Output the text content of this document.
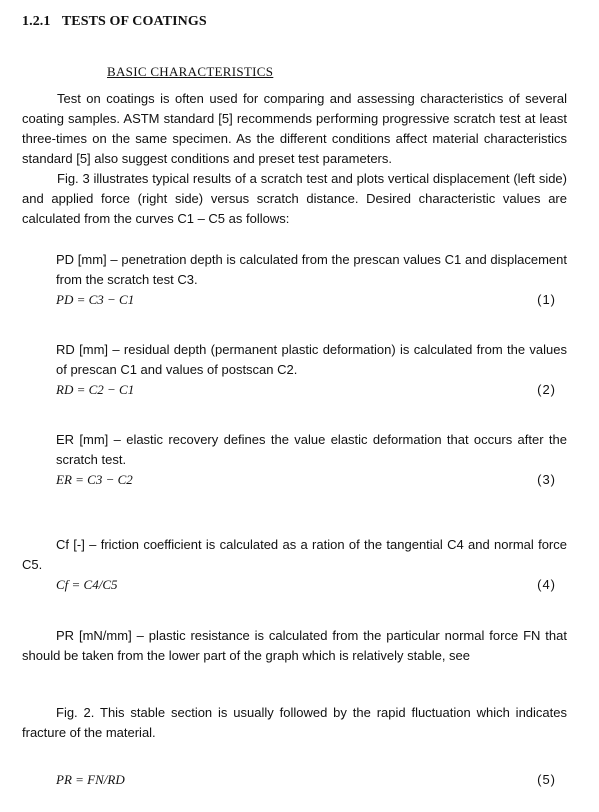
1.2.1 TESTS OF COATINGS
BASIC CHARACTERISTICS

Test on coatings is often used for comparing and assessing characteristics of several coating samples. ASTM standard [5] recommends performing progressive scratch test at least three-times on the same specimen. As the different conditions affect material characteristics standard [5] also suggest conditions and preset test parameters.

Fig. 3 illustrates typical results of a scratch test and plots vertical displacement (left side) and applied force (right side) versus scratch distance. Desired characteristic values are calculated from the curves C1 – C5 as follows:

PD [mm] – penetration depth is calculated from the prescan values C1 and displacement from the scratch test C3.

PD = C3 − C1	(1)

RD [mm] – residual depth (permanent plastic deformation) is calculated from the values of prescan C1 and values of postscan C2.

RD = C2 − C1	(2)

ER [mm] – elastic recovery defines the value elastic deformation that occurs after the scratch test.

ER = C3 − C2	(3)

Cf [-] – friction coefficient is calculated as a ration of the tangential C4 and normal force C5.

Cf = C4/C5	(4)

PR [mN/mm] – plastic resistance is calculated from the particular normal force FN that should be taken from the lower part of the graph which is relatively stable, see

Fig. 2. This stable section is usually followed by the rapid fluctuation which indicates fracture of the material.

PR = FN/RD	(5)
